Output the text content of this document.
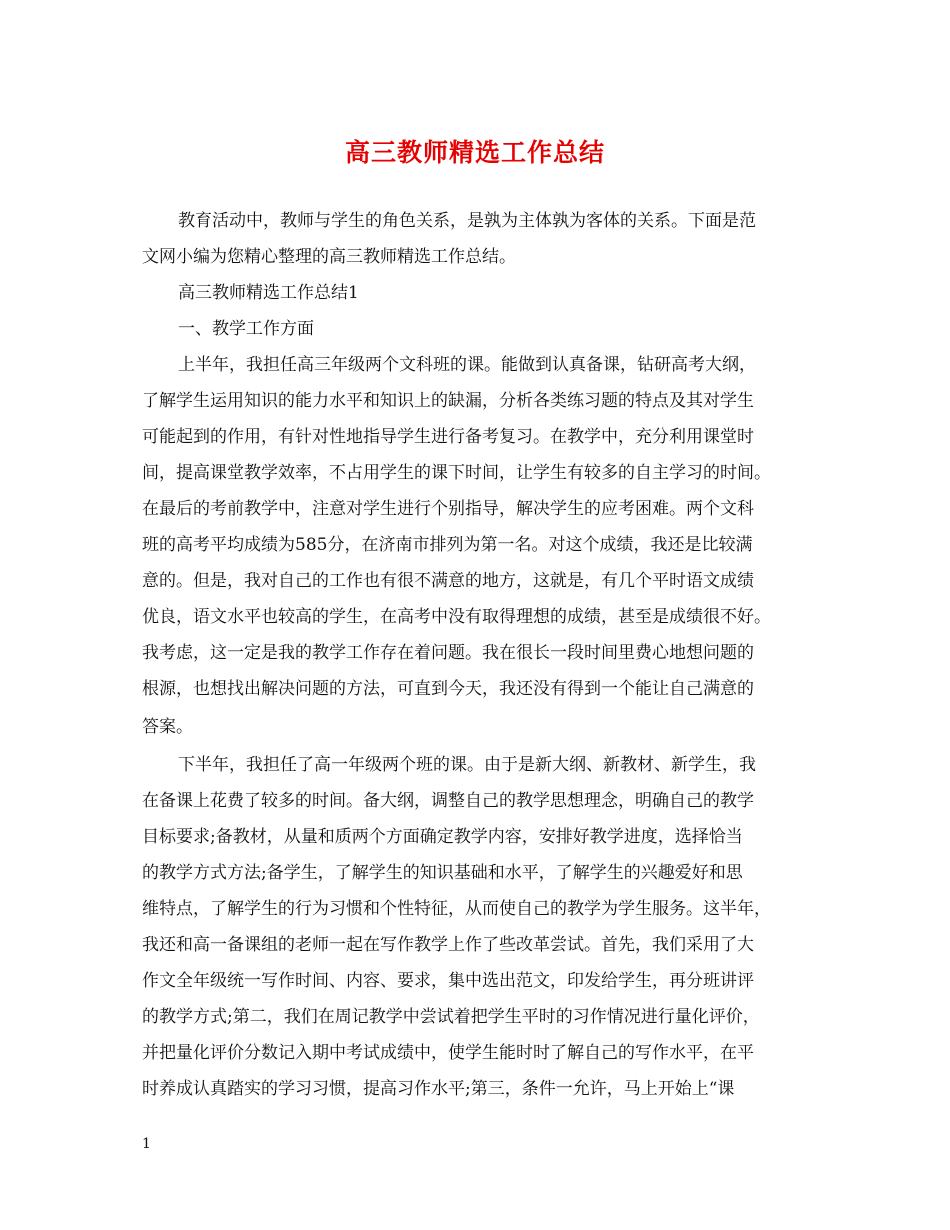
高三教师精选工作总结
教育活动中，教师与学生的角色关系，是孰为主体孰为客体的关系。下面是范
文网小编为您精心整理的高三教师精选工作总结。
高三教师精选工作总结1
一、教学工作方面
上半年，我担任高三年级两个文科班的课。能做到认真备课，钻研高考大纲，
了解学生运用知识的能力水平和知识上的缺漏，分析各类练习题的特点及其对学生
可能起到的作用，有针对性地指导学生进行备考复习。在教学中，充分利用课堂时
间，提高课堂教学效率，不占用学生的课下时间，让学生有较多的自主学习的时间。
在最后的考前教学中，注意对学生进行个别指导，解决学生的应考困难。两个文科
班的高考平均成绩为585分，在济南市排列为第一名。对这个成绩，我还是比较满
意的。但是，我对自己的工作也有很不满意的地方，这就是，有几个平时语文成绩
优良，语文水平也较高的学生，在高考中没有取得理想的成绩，甚至是成绩很不好。
我考虑，这一定是我的教学工作存在着问题。我在很长一段时间里费心地想问题的
根源，也想找出解决问题的方法，可直到今天，我还没有得到一个能让自己满意的
答案。
下半年，我担任了高一年级两个班的课。由于是新大纲、新教材、新学生，我
在备课上花费了较多的时间。备大纲，调整自己的教学思想理念，明确自己的教学
目标要求;备教材，从量和质两个方面确定教学内容，安排好教学进度，选择恰当
的教学方式方法;备学生，了解学生的知识基础和水平，了解学生的兴趣爱好和思
维特点，了解学生的行为习惯和个性特征，从而使自己的教学为学生服务。这半年，
我还和高一备课组的老师一起在写作教学上作了些改革尝试。首先，我们采用了大
作文全年级统一写作时间、内容、要求，集中选出范文，印发给学生，再分班讲评
的教学方式;第二，我们在周记教学中尝试着把学生平时的习作情况进行量化评价，
并把量化评价分数记入期中考试成绩中，使学生能时时了解自己的写作水平，在平
时养成认真踏实的学习习惯，提高习作水平;第三，条件一允许，马上开始上“课
1
